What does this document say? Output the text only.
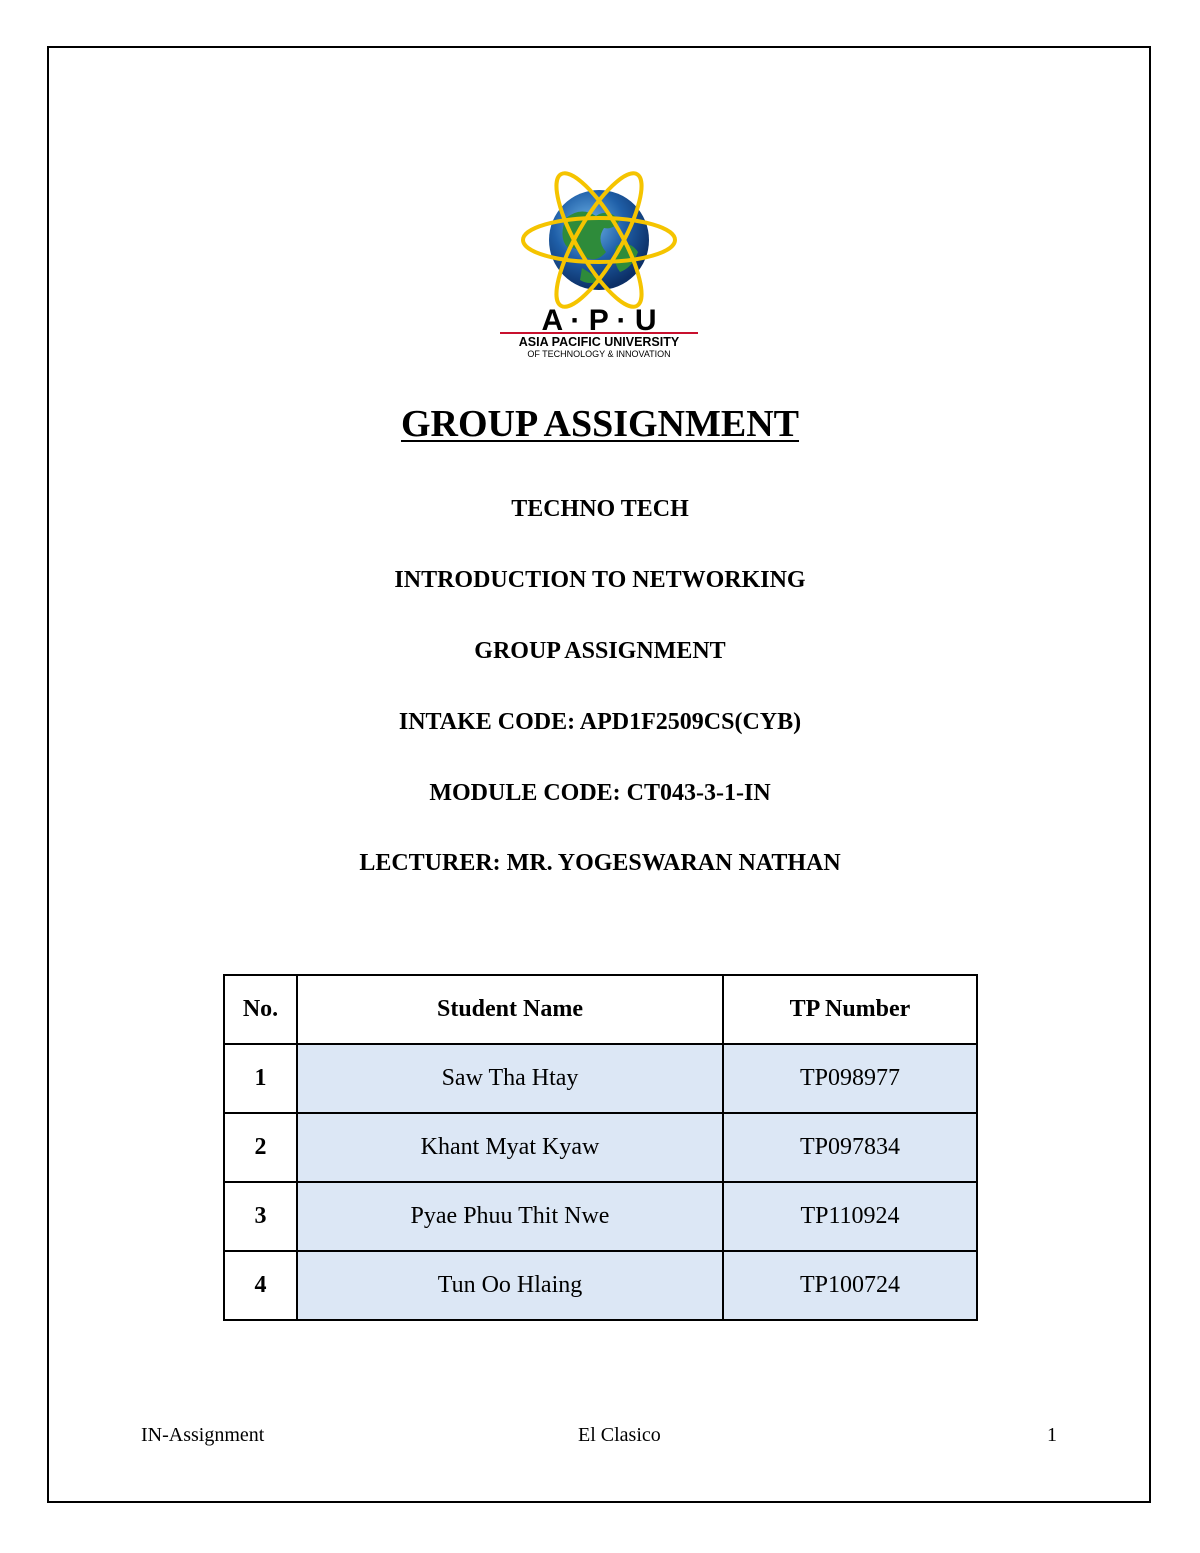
A · P · U
ASIA PACIFIC UNIVERSITY
OF TECHNOLOGY & INNOVATION
GROUP ASSIGNMENT
TECHNO TECH
INTRODUCTION TO NETWORKING
GROUP ASSIGNMENT
INTAKE CODE: APD1F2509CS(CYB)
MODULE CODE: CT043-3-1-IN
LECTURER: MR. YOGESWARAN NATHAN
No.	Student Name	TP Number
1	Saw Tha Htay	TP098977
2	Khant Myat Kyaw	TP097834
3	Pyae Phuu Thit Nwe	TP110924
4	Tun Oo Hlaing	TP100724
IN-Assignment	El Clasico	1
